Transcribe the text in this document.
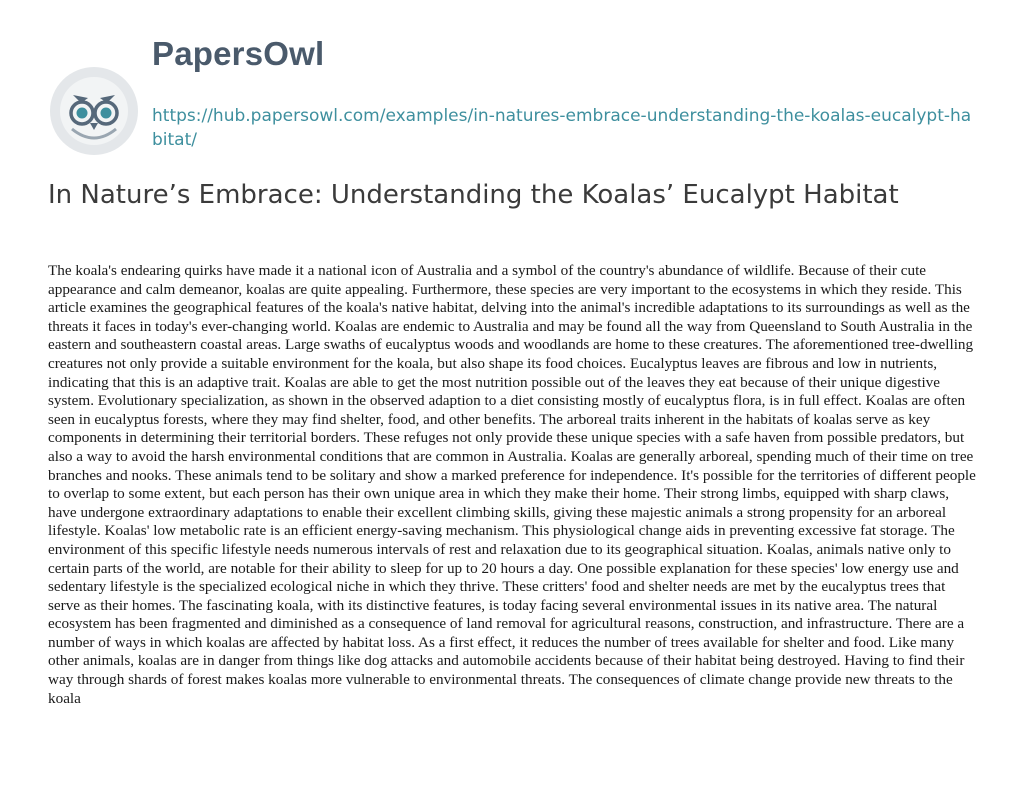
PapersOwl
https://hub.papersowl.com/examples/in-natures-embrace-understanding-the-koalas-eucalypt-habitat/
In Nature’s Embrace: Understanding the Koalas’ Eucalypt Habitat

The koala's endearing quirks have made it a national icon of Australia and a symbol of the country's abundance of wildlife. Because of their cute appearance and calm demeanor, koalas are quite appealing. Furthermore, these species are very important to the ecosystems in which they reside. This article examines the geographical features of the koala's native habitat, delving into the animal's incredible adaptations to its surroundings as well as the threats it faces in today's ever-changing world. Koalas are endemic to Australia and may be found all the way from Queensland to South Australia in the eastern and southeastern coastal areas. Large swaths of eucalyptus woods and woodlands are home to these creatures. The aforementioned tree-dwelling creatures not only provide a suitable environment for the koala, but also shape its food choices. Eucalyptus leaves are fibrous and low in nutrients, indicating that this is an adaptive trait. Koalas are able to get the most nutrition possible out of the leaves they eat because of their unique digestive system. Evolutionary specialization, as shown in the observed adaption to a diet consisting mostly of eucalyptus flora, is in full effect. Koalas are often seen in eucalyptus forests, where they may find shelter, food, and other benefits. The arboreal traits inherent in the habitats of koalas serve as key components in determining their territorial borders. These refuges not only provide these unique species with a safe haven from possible predators, but also a way to avoid the harsh environmental conditions that are common in Australia. Koalas are generally arboreal, spending much of their time on tree branches and nooks. These animals tend to be solitary and show a marked preference for independence. It's possible for the territories of different people to overlap to some extent, but each person has their own unique area in which they make their home. Their strong limbs, equipped with sharp claws, have undergone extraordinary adaptations to enable their excellent climbing skills, giving these majestic animals a strong propensity for an arboreal lifestyle. Koalas' low metabolic rate is an efficient energy-saving mechanism. This physiological change aids in preventing excessive fat storage. The environment of this specific lifestyle needs numerous intervals of rest and relaxation due to its geographical situation. Koalas, animals native only to certain parts of the world, are notable for their ability to sleep for up to 20 hours a day. One possible explanation for these species' low energy use and sedentary lifestyle is the specialized ecological niche in which they thrive. These critters' food and shelter needs are met by the eucalyptus trees that serve as their homes. The fascinating koala, with its distinctive features, is today facing several environmental issues in its native area. The natural ecosystem has been fragmented and diminished as a consequence of land removal for agricultural reasons, construction, and infrastructure. There are a number of ways in which koalas are affected by habitat loss. As a first effect, it reduces the number of trees available for shelter and food. Like many other animals, koalas are in danger from things like dog attacks and automobile accidents because of their habitat being destroyed. Having to find their way through shards of forest makes koalas more vulnerable to environmental threats. The consequences of climate change provide new threats to the koala
